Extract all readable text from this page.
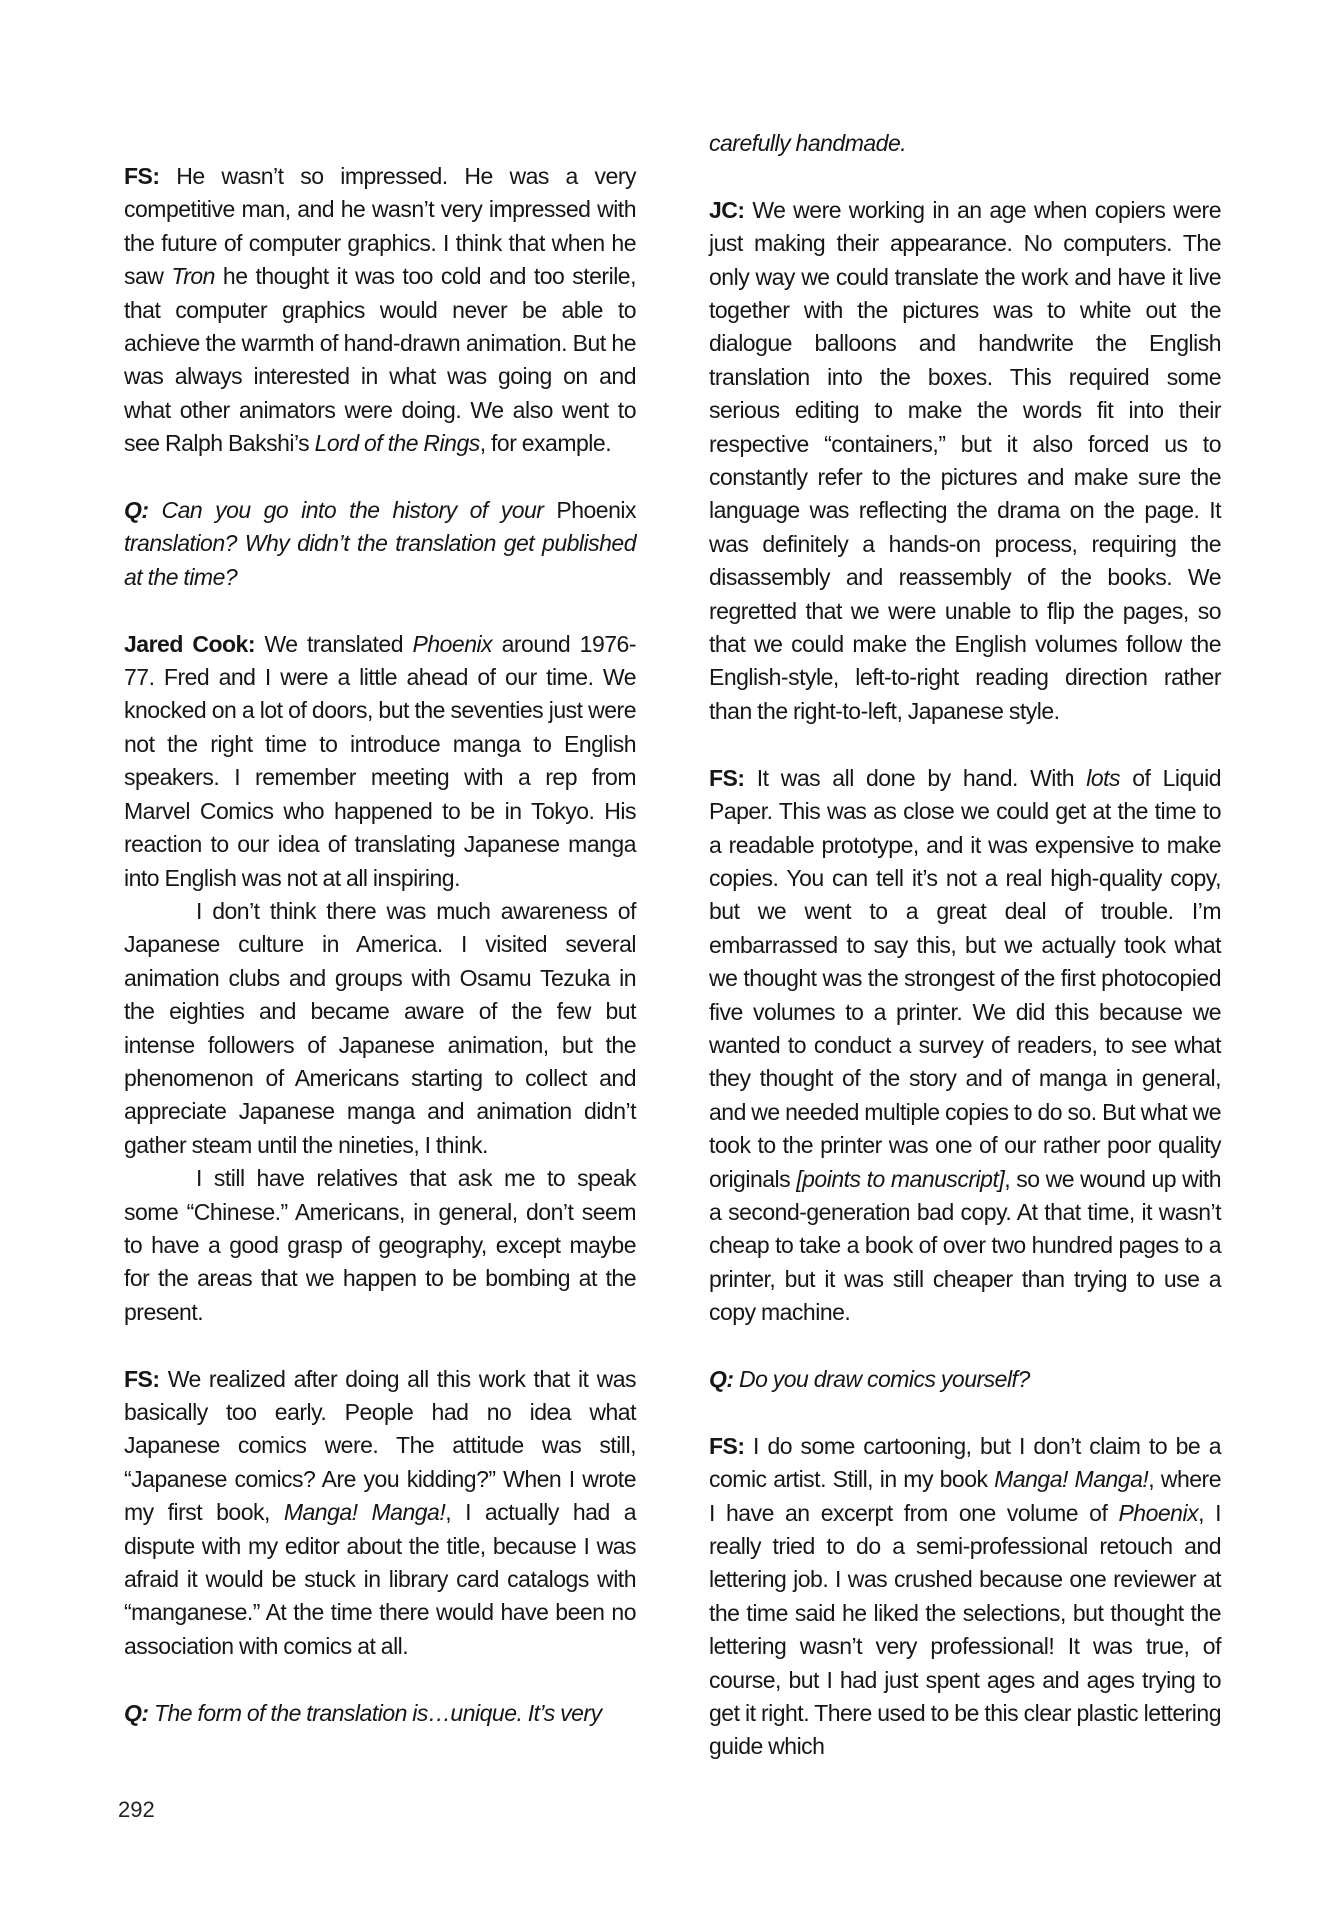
FS: He wasn’t so impressed. He was a very competitive man, and he wasn’t very impressed with the future of computer graphics. I think that when he saw Tron he thought it was too cold and too sterile, that computer graphics would never be able to achieve the warmth of hand-drawn animation. But he was always interested in what was going on and what other animators were doing. We also went to see Ralph Bakshi’s Lord of the Rings, for example.

Q: Can you go into the history of your Phoenix translation? Why didn’t the translation get published at the time?

Jared Cook: We translated Phoenix around 1976-77. Fred and I were a little ahead of our time. We knocked on a lot of doors, but the seventies just were not the right time to introduce manga to English speakers. I remember meeting with a rep from Marvel Comics who happened to be in Tokyo. His reaction to our idea of translating Japanese manga into English was not at all inspiring.

I don’t think there was much awareness of Japanese culture in America. I visited several animation clubs and groups with Osamu Tezuka in the eighties and became aware of the few but intense followers of Japanese animation, but the phenomenon of Americans starting to collect and appreciate Japanese manga and animation didn’t gather steam until the nineties, I think.

I still have relatives that ask me to speak some “Chinese.” Americans, in general, don’t seem to have a good grasp of geography, except maybe for the areas that we happen to be bombing at the present.

FS: We realized after doing all this work that it was basically too early. People had no idea what Japanese comics were. The attitude was still, “Japanese comics? Are you kidding?” When I wrote my first book, Manga! Manga!, I actually had a dispute with my editor about the title, because I was afraid it would be stuck in library card catalogs with “manganese.” At the time there would have been no association with comics at all.

Q: The form of the translation is…unique. It’s very

carefully handmade.

JC: We were working in an age when copiers were just making their appearance. No computers. The only way we could translate the work and have it live together with the pictures was to white out the dialogue balloons and handwrite the English translation into the boxes. This required some serious editing to make the words fit into their respective “containers,” but it also forced us to constantly refer to the pictures and make sure the language was reflecting the drama on the page. It was definitely a hands-on process, requiring the disassembly and reassembly of the books. We regretted that we were unable to flip the pages, so that we could make the English volumes follow the English-style, left-to-right reading direction rather than the right-to-left, Japanese style.

FS: It was all done by hand. With lots of Liquid Paper. This was as close we could get at the time to a readable prototype, and it was expensive to make copies. You can tell it’s not a real high-quality copy, but we went to a great deal of trouble. I’m embarrassed to say this, but we actually took what we thought was the strongest of the first photocopied five volumes to a printer. We did this because we wanted to conduct a survey of readers, to see what they thought of the story and of manga in general, and we needed multiple copies to do so. But what we took to the printer was one of our rather poor quality originals [points to manuscript], so we wound up with a second-generation bad copy. At that time, it wasn’t cheap to take a book of over two hundred pages to a printer, but it was still cheaper than trying to use a copy machine.

Q: Do you draw comics yourself?

FS: I do some cartooning, but I don’t claim to be a comic artist. Still, in my book Manga! Manga!, where I have an excerpt from one volume of Phoenix, I really tried to do a semi-professional retouch and lettering job. I was crushed because one reviewer at the time said he liked the selections, but thought the lettering wasn’t very professional! It was true, of course, but I had just spent ages and ages trying to get it right. There used to be this clear plastic lettering guide which

292
